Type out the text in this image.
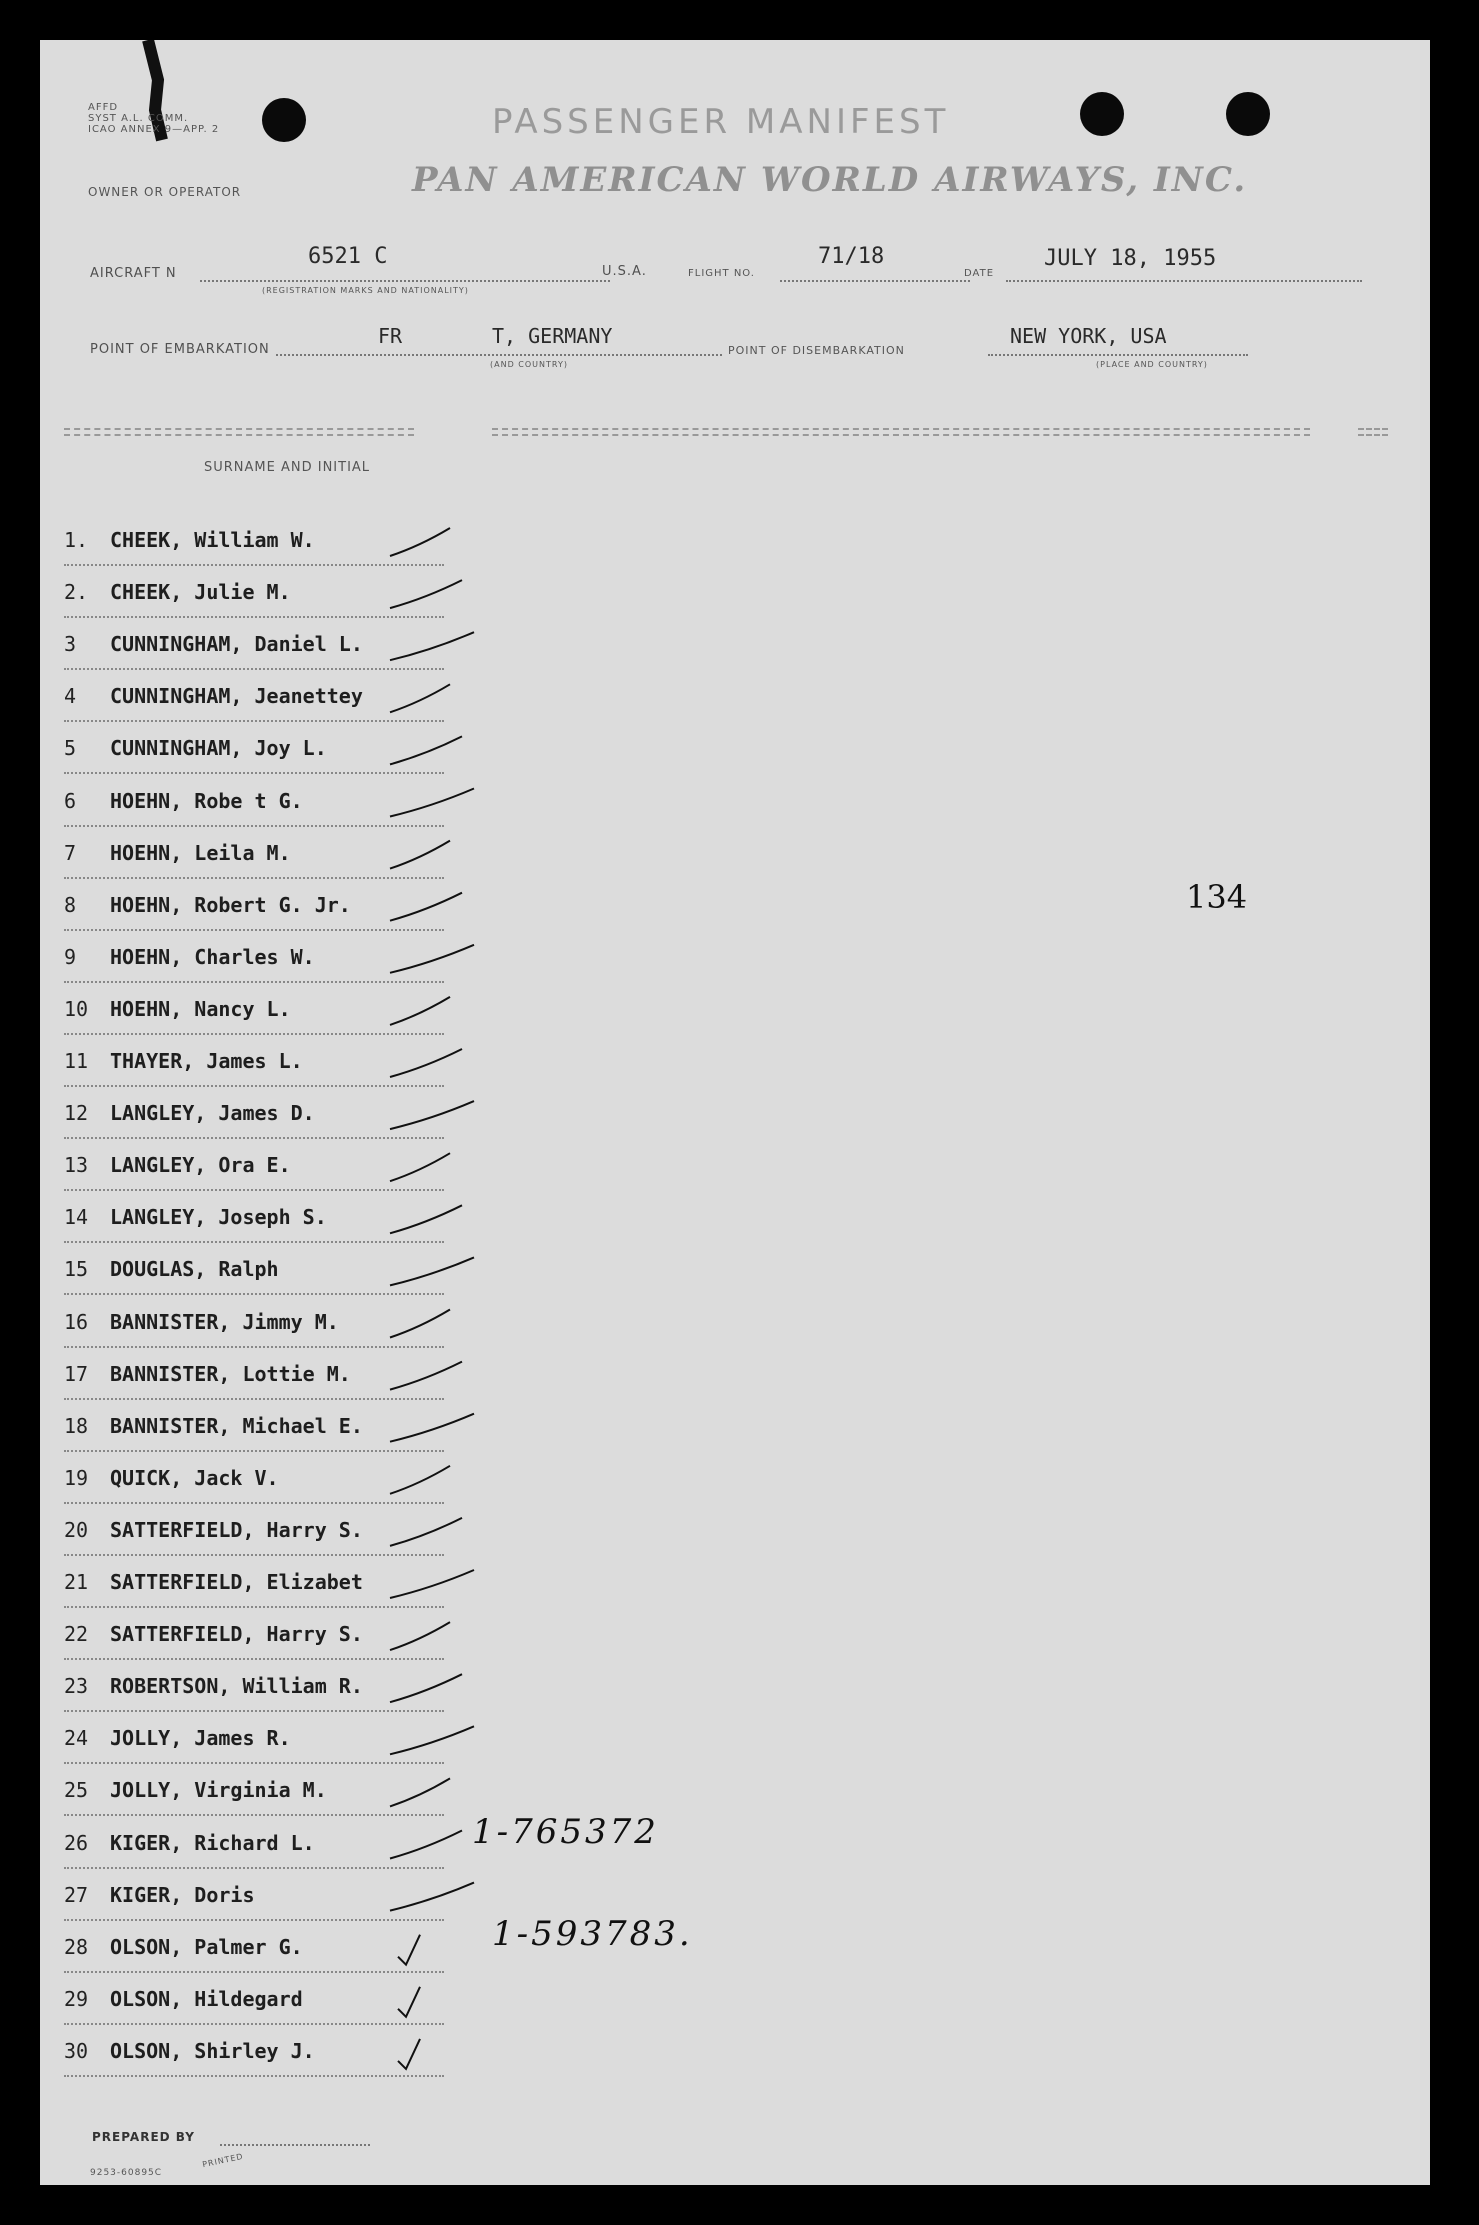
AFFD
SYST A.L. COMM.
ICAO ANNEX 9—APP. 2	PASSENGER MANIFEST
OWNER OR OPERATOR	PAN AMERICAN WORLD AIRWAYS, INC.
AIRCRAFT N
6521 C
(REGISTRATION MARKS AND NATIONALITY)
U.S.A.	FLIGHT NO.
71/18
DATE
JULY 18, 1955
POINT OF EMBARKATION
FR	T, GERMANY
(AND COUNTRY)
POINT OF DISEMBARKATION
NEW YORK, USA
(PLACE AND COUNTRY)
SURNAME AND INITIAL
1. CHEEK, William W.
2. CHEEK, Julie M.
3 CUNNINGHAM, Daniel L.
4 CUNNINGHAM, Jeanettey
5 CUNNINGHAM, Joy L.
6 HOEHN, Robe t G.
7 HOEHN, Leila M.
8 HOEHN, Robert G. Jr.
9 HOEHN, Charles W.
10 HOEHN, Nancy L.
11 THAYER, James L.
12 LANGLEY, James D.
13 LANGLEY, Ora E.
14 LANGLEY, Joseph S.
15 DOUGLAS, Ralph
16 BANNISTER, Jimmy M.
17 BANNISTER, Lottie M.
18 BANNISTER, Michael E.
19 QUICK, Jack V.
20 SATTERFIELD, Harry S.
21 SATTERFIELD, Elizabet
22 SATTERFIELD, Harry S.
23 ROBERTSON, William R.
24 JOLLY, James R.
25 JOLLY, Virginia M.
26 KIGER, Richard L.
27 KIGER, Doris
28 OLSON, Palmer G.
29 OLSON, Hildegard
30 OLSON, Shirley J.
134
1-765372
1-593783.
PREPARED BY
9253-60895C
PRINTED
